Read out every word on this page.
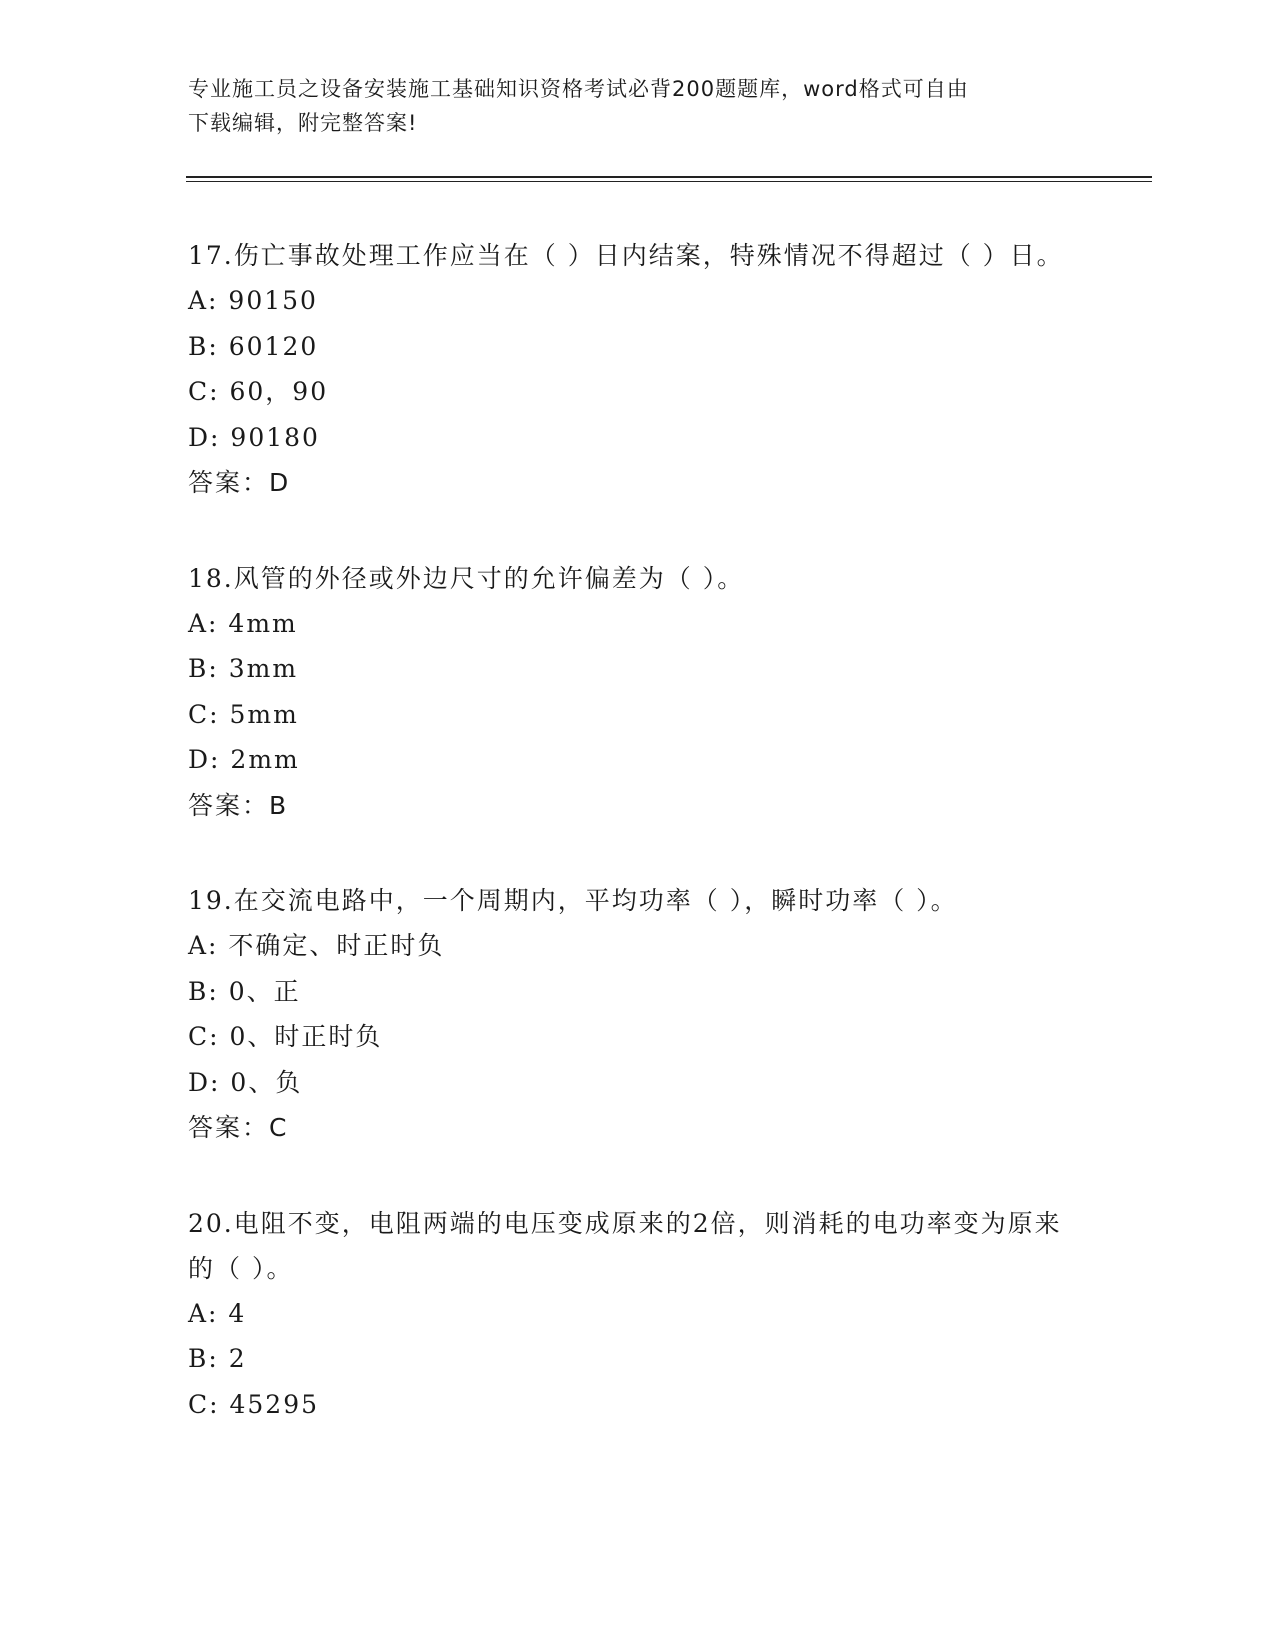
专业施工员之设备安装施工基础知识资格考试必背200题题库，word格式可自由
下载编辑，附完整答案!

17.伤亡事故处理工作应当在（ ）日内结案，特殊情况不得超过（ ）日。

A: 90150

B: 60120

C: 60，90

D: 90180

答案：D

18.风管的外径或外边尺寸的允许偏差为（ ）。

A: 4mm

B: 3mm

C: 5mm

D: 2mm

答案：B

19.在交流电路中，一个周期内，平均功率（ ），瞬时功率（ ）。

A: 不确定、时正时负

B: 0、正

C: 0、时正时负

D: 0、负

答案：C

20.电阻不变，电阻两端的电压变成原来的2倍，则消耗的电功率变为原来的（ ）。

A: 4

B: 2

C: 45295
